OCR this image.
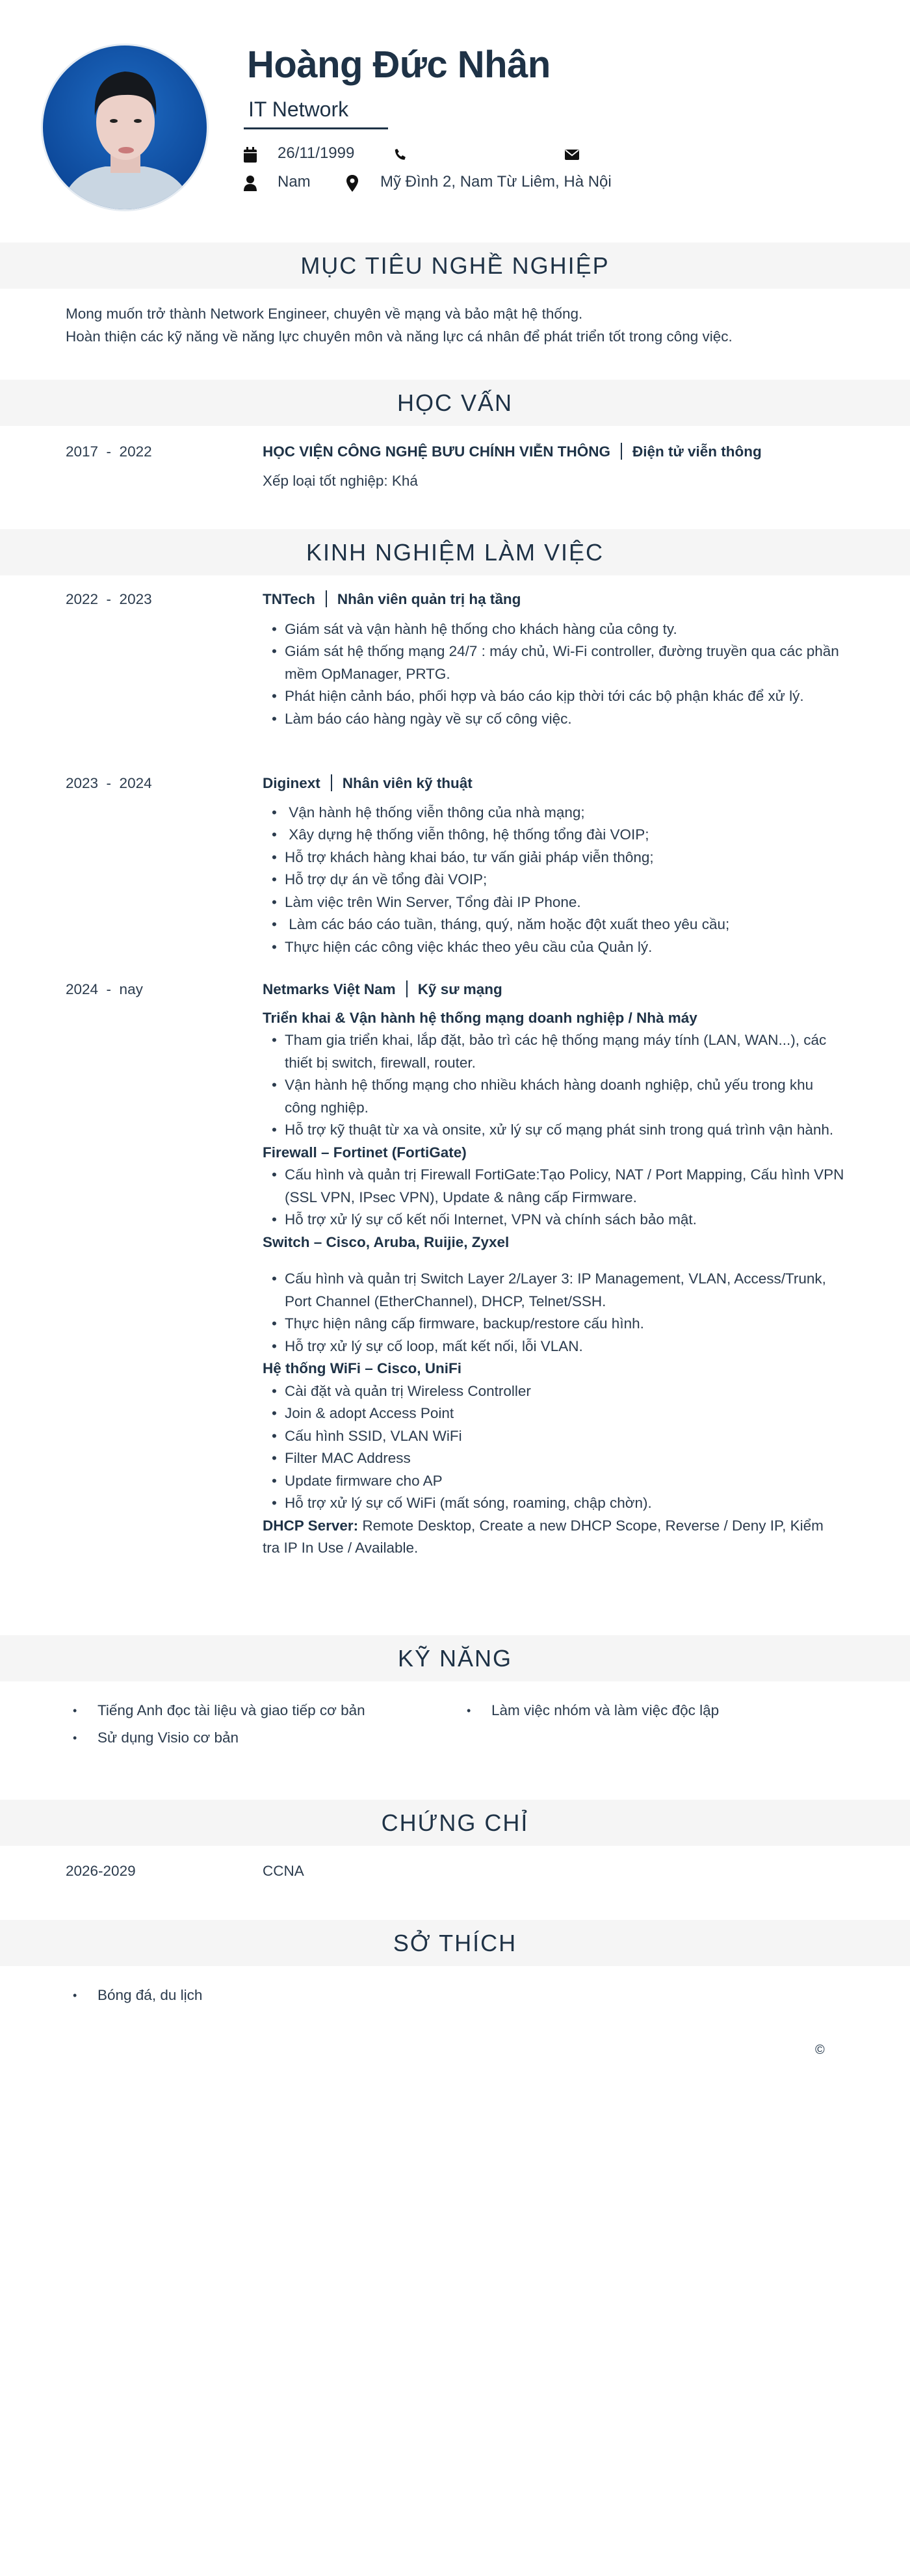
Hoàng Đức Nhân
IT Network
26/11/1999
Nam	Mỹ Đình 2, Nam Từ Liêm, Hà Nội
MỤC TIÊU NGHỀ NGHIỆP
Mong muốn trở thành Network Engineer, chuyên về mạng và bảo mật hệ thống.
Hoàn thiện các kỹ năng về năng lực chuyên môn và năng lực cá nhân để phát triển tốt trong công việc.
HỌC VẤN
2017  -  2022	HỌC VIỆN CÔNG NGHỆ BƯU CHÍNH VIỄN THÔNG Điện tử viễn thông
Xếp loại tốt nghiệp: Khá
KINH NGHIỆM LÀM VIỆC
2022  -  2023	TNTech Nhân viên quản trị hạ tầng
• Giám sát và vận hành hệ thống cho khách hàng của công ty.
• Giám sát hệ thống mạng 24/7 : máy chủ, Wi-Fi controller, đường truyền qua các phần mềm OpManager, PRTG.
• Phát hiện cảnh báo, phối hợp và báo cáo kịp thời tới các bộ phận khác để xử lý.
• Làm báo cáo hàng ngày về sự cố công việc.
2023  -  2024	Diginext Nhân viên kỹ thuật
•  Vận hành hệ thống viễn thông của nhà mạng;
•  Xây dựng hệ thống viễn thông, hệ thống tổng đài VOIP;
• Hỗ trợ khách hàng khai báo, tư vấn giải pháp viễn thông;
• Hỗ trợ dự án về tổng đài VOIP;
• Làm việc trên Win Server, Tổng đài IP Phone.
•  Làm các báo cáo tuần, tháng, quý, năm hoặc đột xuất theo yêu cầu;
• Thực hiện các công việc khác theo yêu cầu của Quản lý.
2024  -  nay	Netmarks Việt Nam Kỹ sư mạng
Triển khai & Vận hành hệ thống mạng doanh nghiệp / Nhà máy
• Tham gia triển khai, lắp đặt, bảo trì các hệ thống mạng máy tính (LAN, WAN...), các thiết bị switch, firewall, router.
• Vận hành hệ thống mạng cho nhiều khách hàng doanh nghiệp, chủ yếu trong khu công nghiệp.
• Hỗ trợ kỹ thuật từ xa và onsite, xử lý sự cố mạng phát sinh trong quá trình vận hành.
Firewall – Fortinet (FortiGate)
• Cấu hình và quản trị Firewall FortiGate:Tạo Policy, NAT / Port Mapping, Cấu hình VPN (SSL VPN, IPsec VPN), Update & nâng cấp Firmware.
• Hỗ trợ xử lý sự cố kết nối Internet, VPN và chính sách bảo mật.
Switch – Cisco, Aruba, Ruijie, Zyxel
• Cấu hình và quản trị Switch Layer 2/Layer 3: IP Management, VLAN, Access/Trunk, Port Channel (EtherChannel), DHCP, Telnet/SSH.
• Thực hiện nâng cấp firmware, backup/restore cấu hình.
• Hỗ trợ xử lý sự cố loop, mất kết nối, lỗi VLAN.
Hệ thống WiFi – Cisco, UniFi
• Cài đặt và quản trị Wireless Controller
• Join & adopt Access Point
• Cấu hình SSID, VLAN WiFi
• Filter MAC Address
• Update firmware cho AP
• Hỗ trợ xử lý sự cố WiFi (mất sóng, roaming, chập chờn).
DHCP Server: Remote Desktop, Create a new DHCP Scope, Reverse / Deny IP, Kiểm tra IP In Use / Available.
KỸ NĂNG
• Tiếng Anh đọc tài liệu và giao tiếp cơ bản
• Sử dụng Visio cơ bản
• Làm việc nhóm và làm việc độc lập
CHỨNG CHỈ
2026-2029	CCNA
SỞ THÍCH
• Bóng đá, du lịch
©
